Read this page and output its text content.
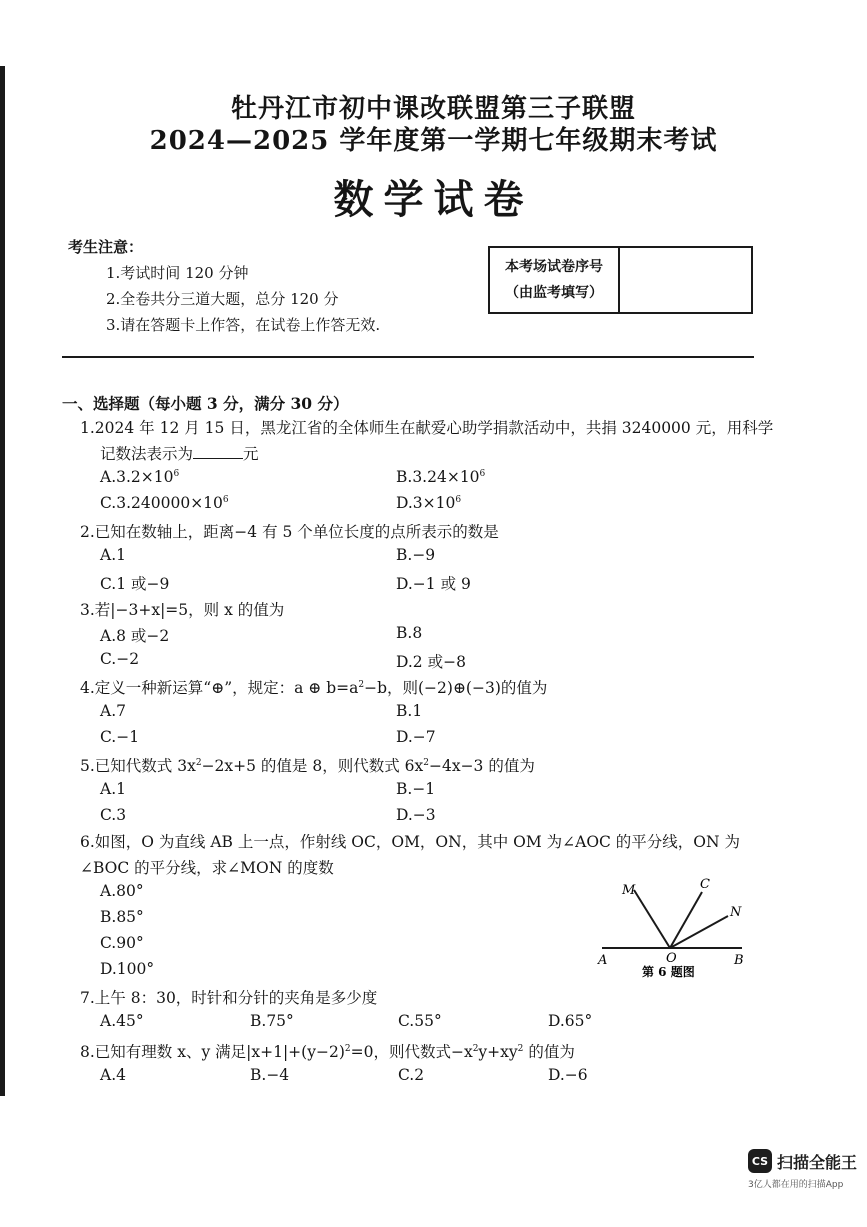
牡丹江市初中课改联盟第三子联盟
2024—2025 学年度第一学期七年级期末考试
数学试卷
考生注意：
1.考试时间 120 分钟
2.全卷共分三道大题，总分 120 分
3.请在答题卡上作答，在试卷上作答无效.
本考场试卷序号
（由监考填写）
一、选择题（每小题 3 分，满分 30 分）
1.2024 年 12 月 15 日，黑龙江省的全体师生在献爱心助学捐款活动中，共捐 3240000 元，用科学
记数法表示为	元
$A.3.2\times 10^6$	$B.3.24\times 10^6$
$C.3.240000\times 10^6$	$D.3\times 10^6$
2.已知在数轴上，距离−4 有 5 个单位长度的点所表示的数是
A.1	B.−9
C.1 或−9	D.−1 或 9
3.若|−3+x|=5，则 x 的值为
A.8 或−2	B.8
C.−2	D.2 或−8
4.定义一种新运算“⊕”，规定：a ⊕ $b=a^2-b$，则(−2)⊕(−3)的值为
A.7	B.1
C.−1	D.−7
5.已知代数式 $3x^2-2x+5$ 的值是 8，则代数式 $6x^2-4x-3$ 的值为
A.1	B.−1
C.3	D.−3
6.如图，O 为直线 AB 上一点，作射线 OC，OM，ON，其中 OM 为∠AOC 的平分线，ON 为
∠BOC 的平分线，求∠MON 的度数
A.80°
B.85°
C.90°
D.100°
M	C
N
A	O	B
第 6 题图
7.上午 8：30，时针和分针的夹角是多少度
A.45°	B.75°	C.55°	D.65°
8.已知有理数 x、y 满足$|x+1|+(y-2)^2=0$，则代数式$-x^2y+xy^2$ 的值为
A.4	B.−4	C.2	D.−6
CS 扫描全能王
3亿人都在用的扫描App
